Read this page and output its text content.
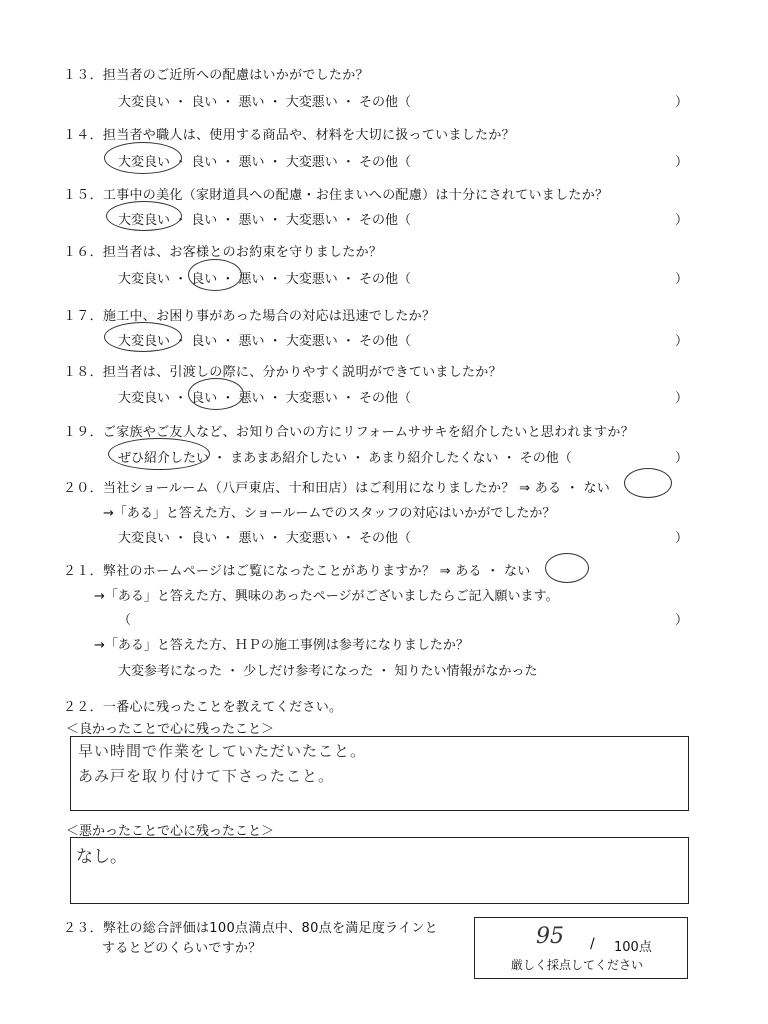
１３．担当者のご近所への配慮はいかがでしたか？
大変良い ・ 良い ・ 悪い ・ 大変悪い ・ その他（	）
１４．担当者や職人は、使用する商品や、材料を大切に扱っていましたか？
大変良い ・ 良い ・ 悪い ・ 大変悪い ・ その他（	）
１５．工事中の美化（家財道具への配慮・お住まいへの配慮）は十分にされていましたか？
大変良い ・ 良い ・ 悪い ・ 大変悪い ・ その他（	）
１６．担当者は、お客様とのお約束を守りましたか？
大変良い ・ 良い ・ 悪い ・ 大変悪い ・ その他（	）
１７．施工中、お困り事があった場合の対応は迅速でしたか？
大変良い ・ 良い ・ 悪い ・ 大変悪い ・ その他（	）
１８．担当者は、引渡しの際に、分かりやすく説明ができていましたか？
大変良い ・ 良い ・ 悪い ・ 大変悪い ・ その他（	）
１９．ご家族やご友人など、お知り合いの方にリフォームササキを紹介したいと思われますか？
ぜひ紹介したい ・ まあまあ紹介したい ・ あまり紹介したくない ・ その他（	）
２０．当社ショールーム（八戸東店、十和田店）はご利用になりましたか？ ⇒ ある ・ ない
→「ある」と答えた方、ショールームでのスタッフの対応はいかがでしたか？
大変良い ・ 良い ・ 悪い ・ 大変悪い ・ その他（	）
２１．弊社のホームページはご覧になったことがありますか？ ⇒ ある ・ ない
→「ある」と答えた方、興味のあったページがございましたらご記入願います。
（	）
→「ある」と答えた方、ＨＰの施工事例は参考になりましたか？
大変参考になった ・ 少しだけ参考になった ・ 知りたい情報がなかった
２２．一番心に残ったことを教えてください。
＜良かったことで心に残ったこと＞
早い時間で作業をしていただいたこと。
あみ戸を取り付けて下さったこと。
＜悪かったことで心に残ったこと＞
なし。
２３．弊社の総合評価は100点満点中、80点を満足度ラインと
するとどのくらいですか？	95 / 100点
厳しく採点してください
